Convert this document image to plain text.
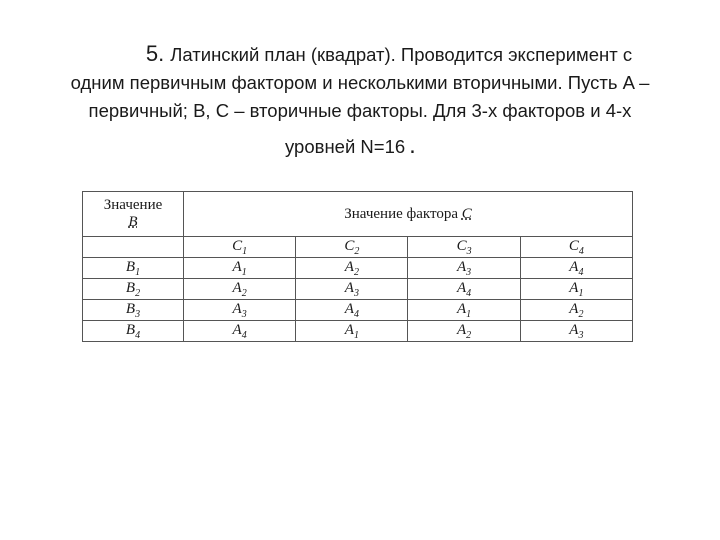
5. Латинский план (квадрат). Проводится эксперимент с
одним первичным фактором и несколькими вторичными. Пусть A –
первичный; B, C – вторичные факторы. Для 3-х факторов и 4-х
уровней N=16 .
Значение
B	Значение фактора C			
	$C_1$	$C_2$	$C_3$	$C_4$
$B_1$	$A_1$	$A_2$	$A_3$	$A_4$
$B_2$	$A_2$	$A_3$	$A_4$	$A_1$
$B_3$	$A_3$	$A_4$	$A_1$	$A_2$
$B_4$	$A_4$	$A_1$	$A_2$	$A_3$
